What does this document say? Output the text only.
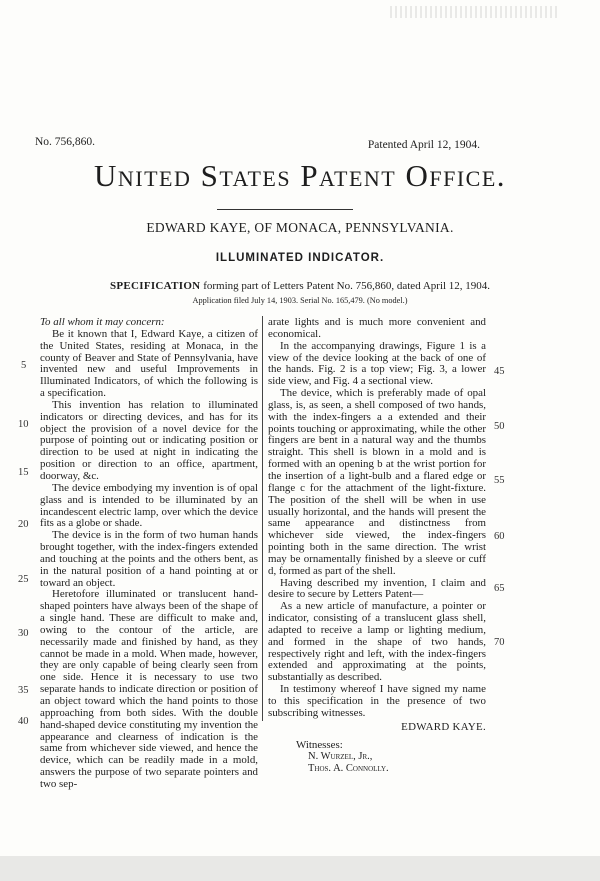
No. 756,860.	Patented April 12, 1904.
United States Patent Office.
EDWARD KAYE, OF MONACA, PENNSYLVANIA.
ILLUMINATED INDICATOR.
SPECIFICATION forming part of Letters Patent No. 756,860, dated April 12, 1904.
Application filed July 14, 1903. Serial No. 165,479. (No model.)

To all whom it may concern:

Be it known that I, Edward Kaye, a citizen of the United States, residing at Monaca, in the county of Beaver and State of Pennsylvania, have invented new and useful Improvements in Illuminated Indicators, of which the following is a specification.

This invention has relation to illuminated indicators or directing devices, and has for its object the provision of a novel device for the purpose of pointing out or indicating position or direction to be used at night in indicating the position or direction to an office, apartment, doorway, &c.

The device embodying my invention is of opal glass and is intended to be illuminated by an incandescent electric lamp, over which the device fits as a globe or shade.

The device is in the form of two human hands brought together, with the index-fingers extended and touching at the points and the others bent, as in the natural position of a hand pointing at or toward an object.

Heretofore illuminated or translucent hand-shaped pointers have always been of the shape of a single hand. These are difficult to make and, owing to the contour of the article, are necessarily made and finished by hand, as they cannot be made in a mold. When made, however, they are only capable of being clearly seen from one side. Hence it is necessary to use two separate hands to indicate direction or position of an object toward which the hand points to those approaching from both sides. With the double hand-shaped device constituting my invention the appearance and clearness of indication is the same from whichever side viewed, and hence the device, which can be readily made in a mold, answers the purpose of two separate pointers and two sep-

arate lights and is much more convenient and economical.

In the accompanying drawings, Figure 1 is a view of the device looking at the back of one of the hands. Fig. 2 is a top view; Fig. 3, a lower side view, and Fig. 4 a sectional view.

The device, which is preferably made of opal glass, is, as seen, a shell composed of two hands, with the index-fingers a a extended and their points touching or approximating, while the other fingers are bent in a natural way and the thumbs straight. This shell is blown in a mold and is formed with an opening b at the wrist portion for the insertion of a light-bulb and a flared edge or flange c for the attachment of the light-fixture. The position of the shell will be when in use usually horizontal, and the hands will present the same appearance and distinctness from whichever side viewed, the index-fingers pointing both in the same direction. The wrist may be ornamentally finished by a sleeve or cuff d, formed as part of the shell.

Having described my invention, I claim and desire to secure by Letters Patent—

As a new article of manufacture, a pointer or indicator, consisting of a translucent glass shell, adapted to receive a lamp or lighting medium, and formed in the shape of two hands, respectively right and left, with the index-fingers extended and approximating at the points, substantially as described.

In testimony whereof I have signed my name to this specification in the presence of two subscribing witnesses.

EDWARD KAYE.
Witnesses:
N. Wurzel, Jr.,
Thos. A. Connolly.
5
10
15
20
25
30
35
40
45
50
55
60
65
70
